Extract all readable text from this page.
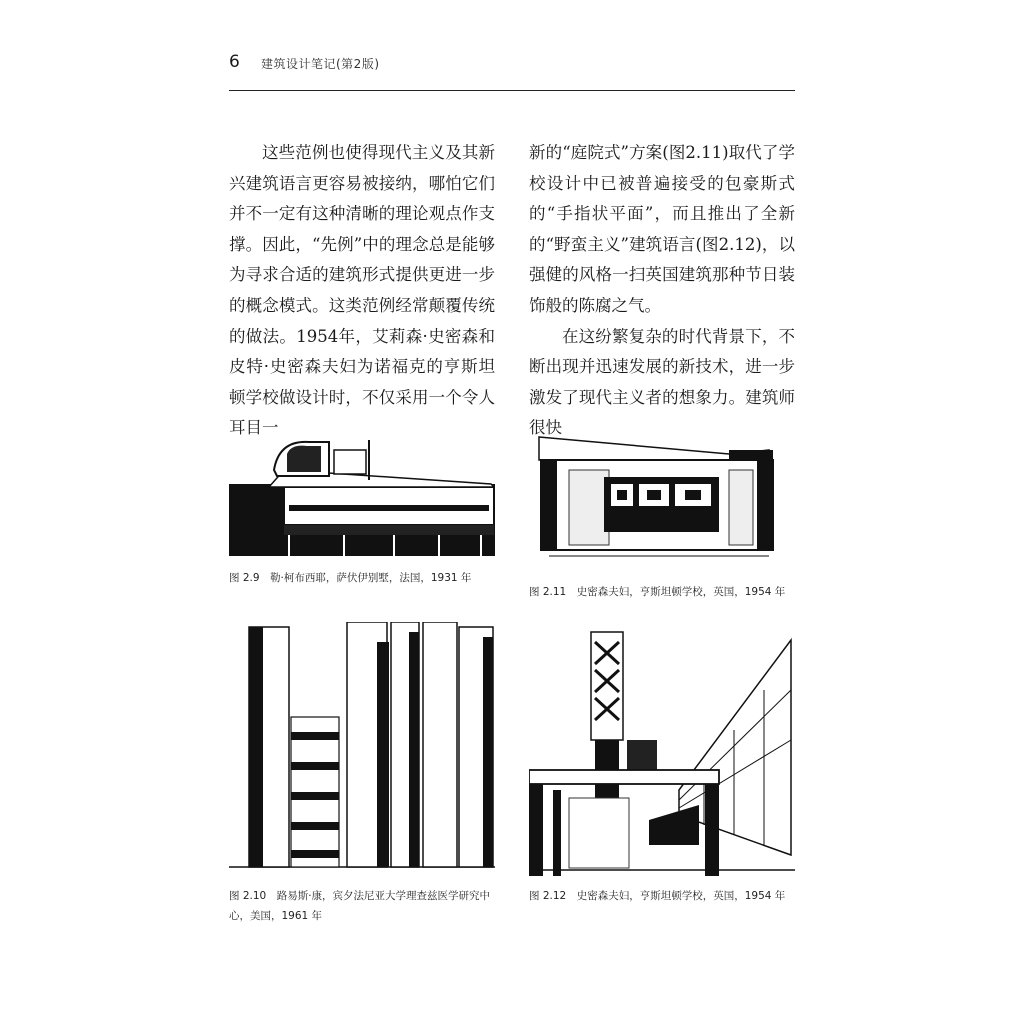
6 建筑设计笔记(第2版)

这些范例也使得现代主义及其新兴建筑语言更容易被接纳，哪怕它们并不一定有这种清晰的理论观点作支撑。因此，“先例”中的理念总是能够为寻求合适的建筑形式提供更进一步的概念模式。这类范例经常颠覆传统的做法。1954年，艾莉森·史密森和皮特·史密森夫妇为诺福克的亨斯坦顿学校做设计时，不仅采用一个令人耳目一

新的“庭院式”方案(图2.11)取代了学校设计中已被普遍接受的包豪斯式的“手指状平面”，而且推出了全新的“野蛮主义”建筑语言(图2.12)，以强健的风格一扫英国建筑那种节日装饰般的陈腐之气。

在这纷繁复杂的时代背景下，不断出现并迅速发展的新技术，进一步激发了现代主义者的想象力。建筑师很快

图 2.9　勒·柯布西耶，萨伏伊别墅，法国，1931 年
图 2.11　史密森夫妇，亨斯坦顿学校，英国，1954 年
图 2.10　路易斯·康，宾夕法尼亚大学理查兹医学研究中心，美国，1961 年
图 2.12　史密森夫妇，亨斯坦顿学校，英国，1954 年
